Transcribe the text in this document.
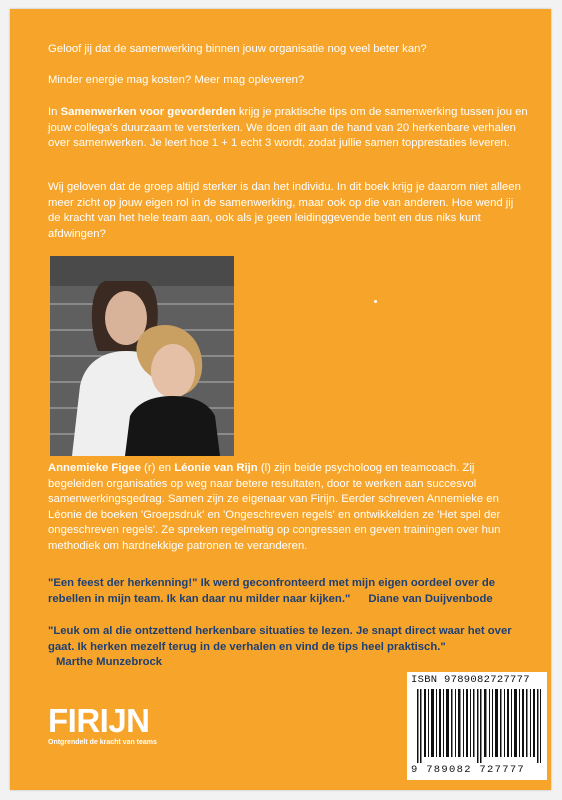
Geloof jij dat de samenwerking binnen jouw organisatie nog veel beter kan?
Minder energie mag kosten? Meer mag opleveren?
In Samenwerken voor gevorderden krijg je praktische tips om de samenwerking tussen jou en jouw collega's duurzaam te versterken. We doen dit aan de hand van 20 herkenbare verhalen over samenwerken. Je leert hoe 1 + 1 echt 3 wordt, zodat jullie samen topprestaties leveren.
Wij geloven dat de groep altijd sterker is dan het individu. In dit boek krijg je daarom niet alleen meer zicht op jouw eigen rol in de samenwerking, maar ook op die van anderen. Hoe wend jij de kracht van het hele team aan, ook als je geen leidinggevende bent en dus niks kunt afdwingen?
Annemieke Figee (r) en Léonie van Rijn (l) zijn beide psycholoog en teamcoach. Zij begeleiden organisaties op weg naar betere resultaten, door te werken aan succesvol samenwerkingsgedrag. Samen zijn ze eigenaar van Firijn. Eerder schreven Annemieke en Léonie de boeken 'Groepsdruk' en 'Ongeschreven regels' en ontwikkelden ze 'Het spel der ongeschreven regels'. Ze spreken regelmatig op congressen en geven trainingen over hun methodiek om hardnekkige patronen te veranderen.
"Een feest der herkenning!" Ik werd geconfronteerd met mijn eigen oordeel over de rebellen in mijn team. Ik kan daar nu milder naar kijken." Diane van Duijvenbode
"Leuk om al die ontzettend herkenbare situaties te lezen. Je snapt direct waar het over gaat. Ik herken mezelf terug in de verhalen en vind de tips heel praktisch."
Marthe Munzebrock
FIRIJN
Ontgrendelt de kracht van teams
ISBN 9789082727777
9 789082 727777
